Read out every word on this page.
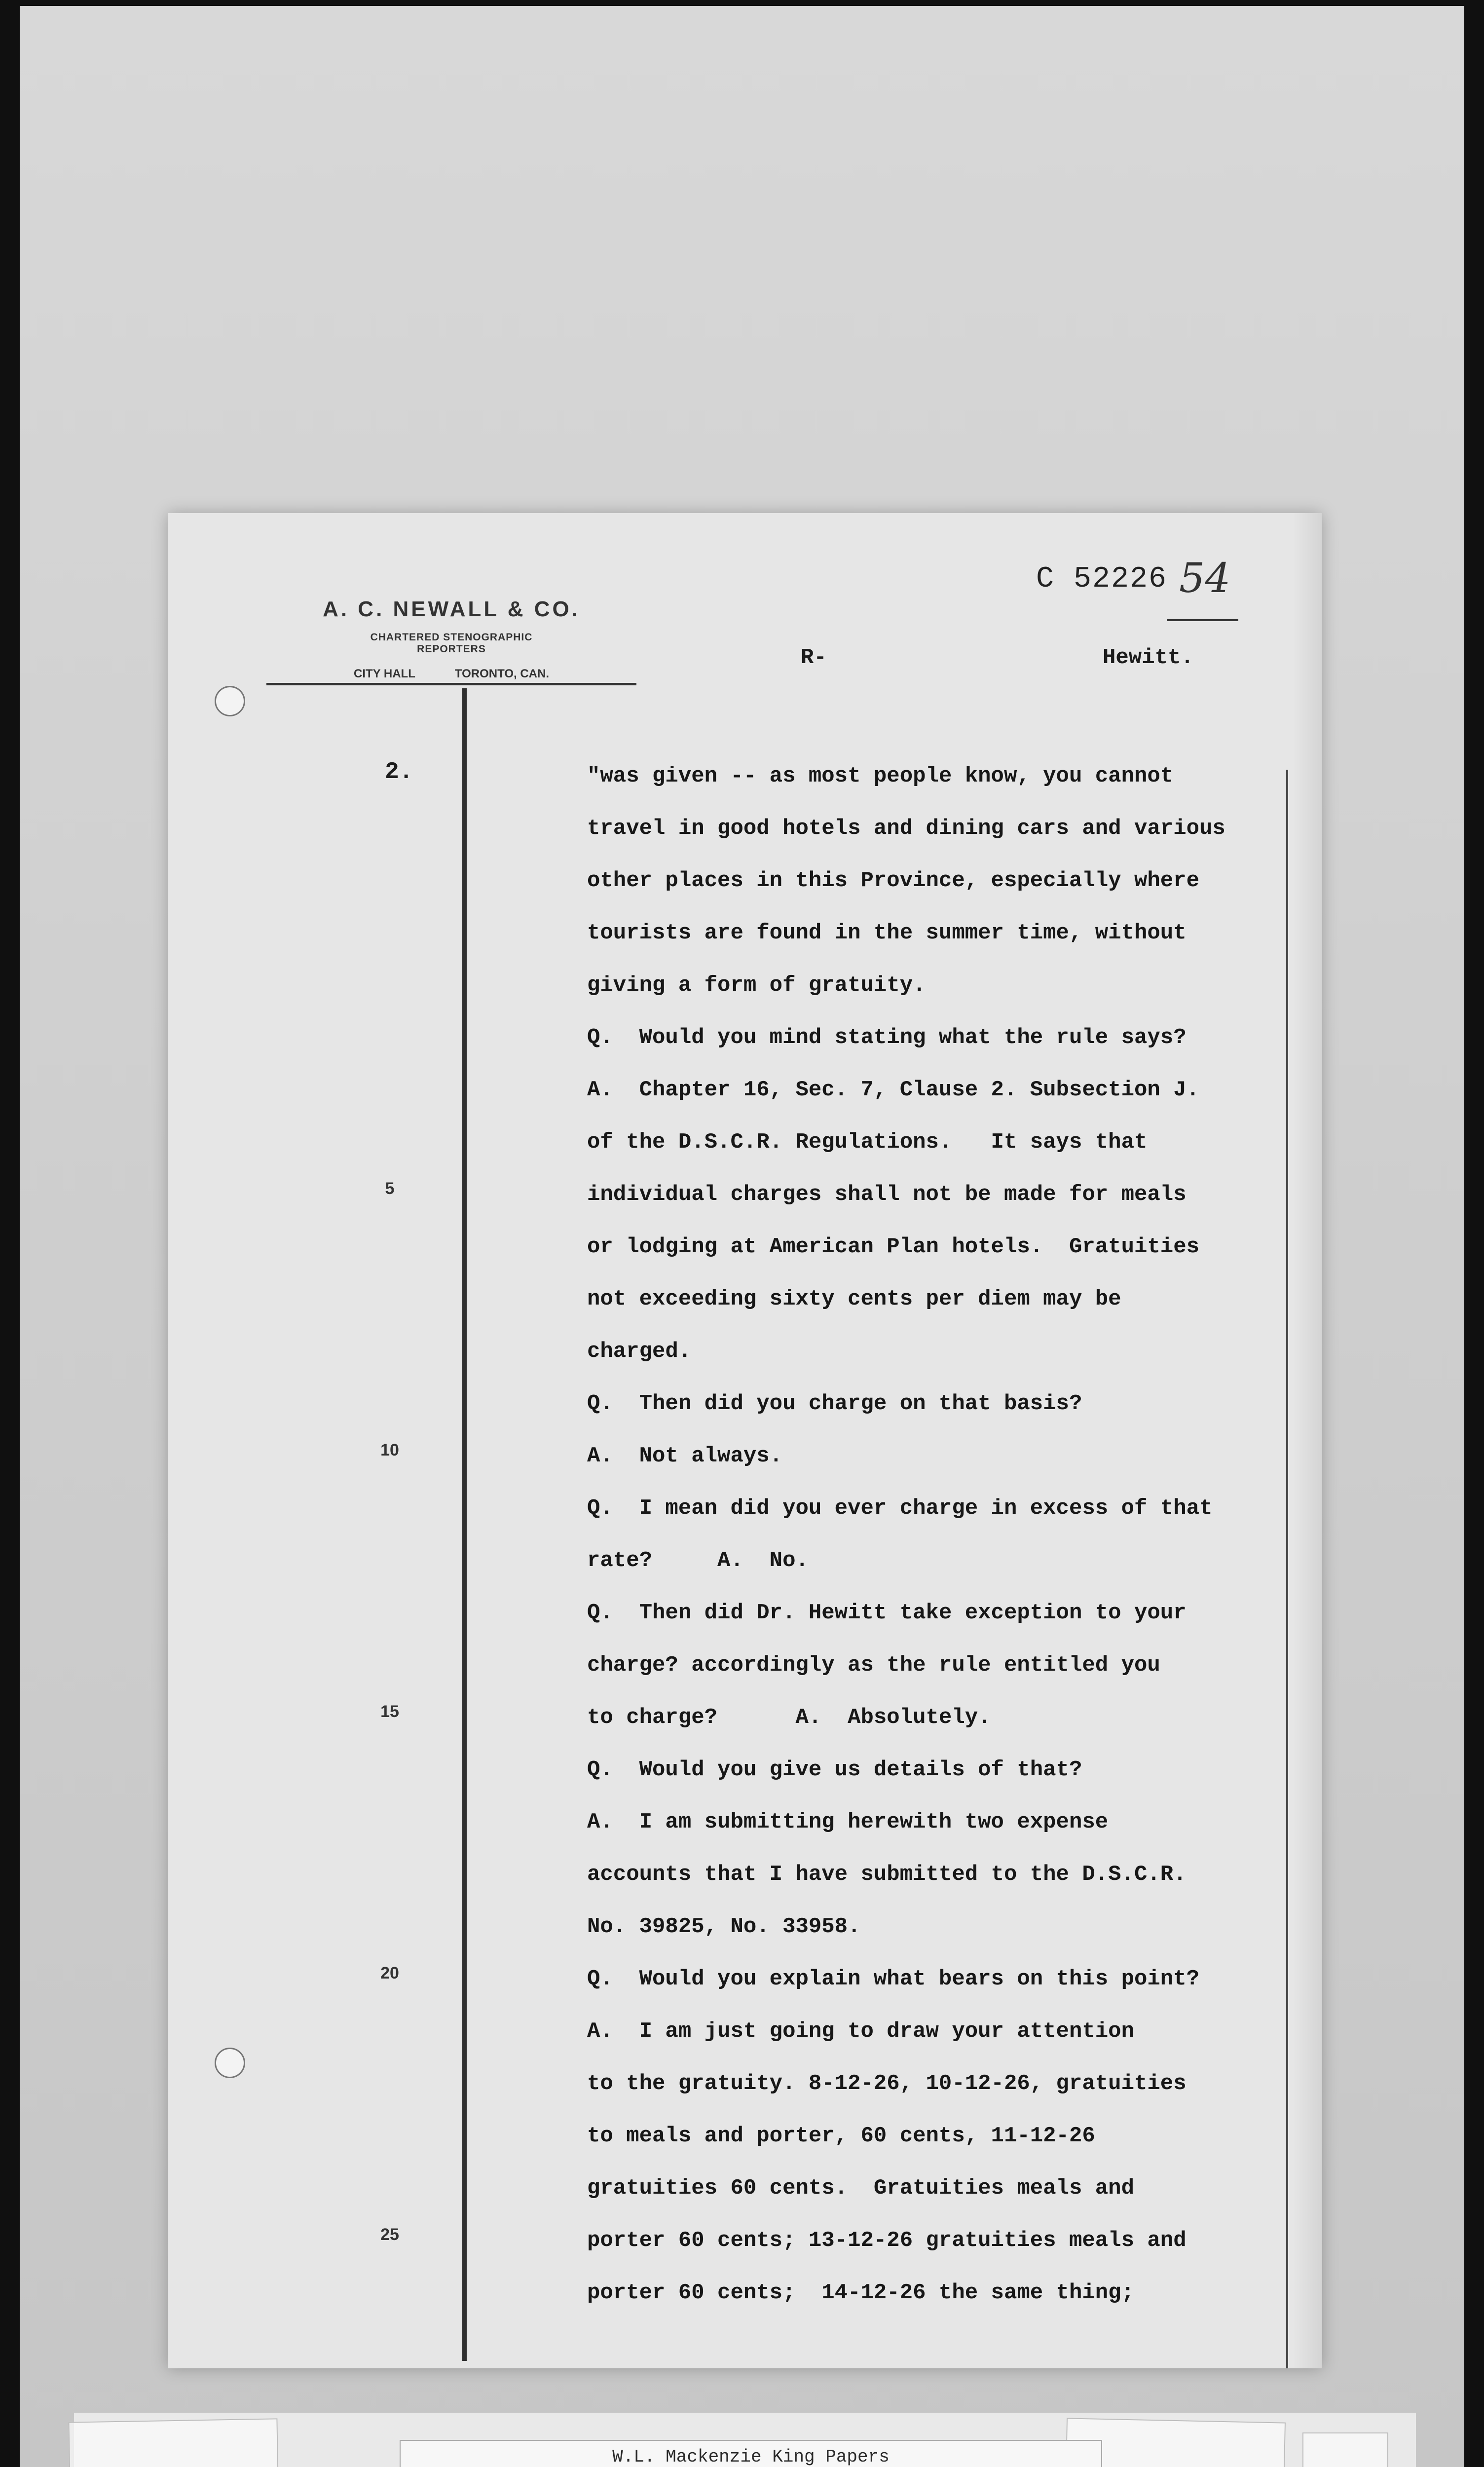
A. C. NEWALL & CO.
CHARTERED STENOGRAPHIC
REPORTERS
CITY HALL	TORONTO, CAN.
C 52226 54
R-	Hewitt.
2.
5
10
15
20
25
"was given -- as most people know, you cannot
travel in good hotels and dining cars and various
other places in this Province, especially where
tourists are found in the summer time, without
giving a form of gratuity.
Q.  Would you mind stating what the rule says?
A.  Chapter 16, Sec. 7, Clause 2. Subsection J.
of the D.S.C.R. Regulations.   It says that
individual charges shall not be made for meals
or lodging at American Plan hotels.  Gratuities
not exceeding sixty cents per diem may be
charged.
Q.  Then did you charge on that basis?
A.  Not always.
Q.  I mean did you ever charge in excess of that
rate?     A.  No.
Q.  Then did Dr. Hewitt take exception to your
charge? accordingly as the rule entitled you
to charge?      A.  Absolutely.
Q.  Would you give us details of that?
A.  I am submitting herewith two expense
accounts that I have submitted to the D.S.C.R.
No. 39825, No. 33958.
Q.  Would you explain what bears on this point?
A.  I am just going to draw your attention
to the gratuity. 8-12-26, 10-12-26, gratuities
to meals and porter, 60 cents, 11-12-26
gratuities 60 cents.  Gratuities meals and
porter 60 cents; 13-12-26 gratuities meals and
porter 60 cents;  14-12-26 the same thing;
W.L. Mackenzie King Papers
